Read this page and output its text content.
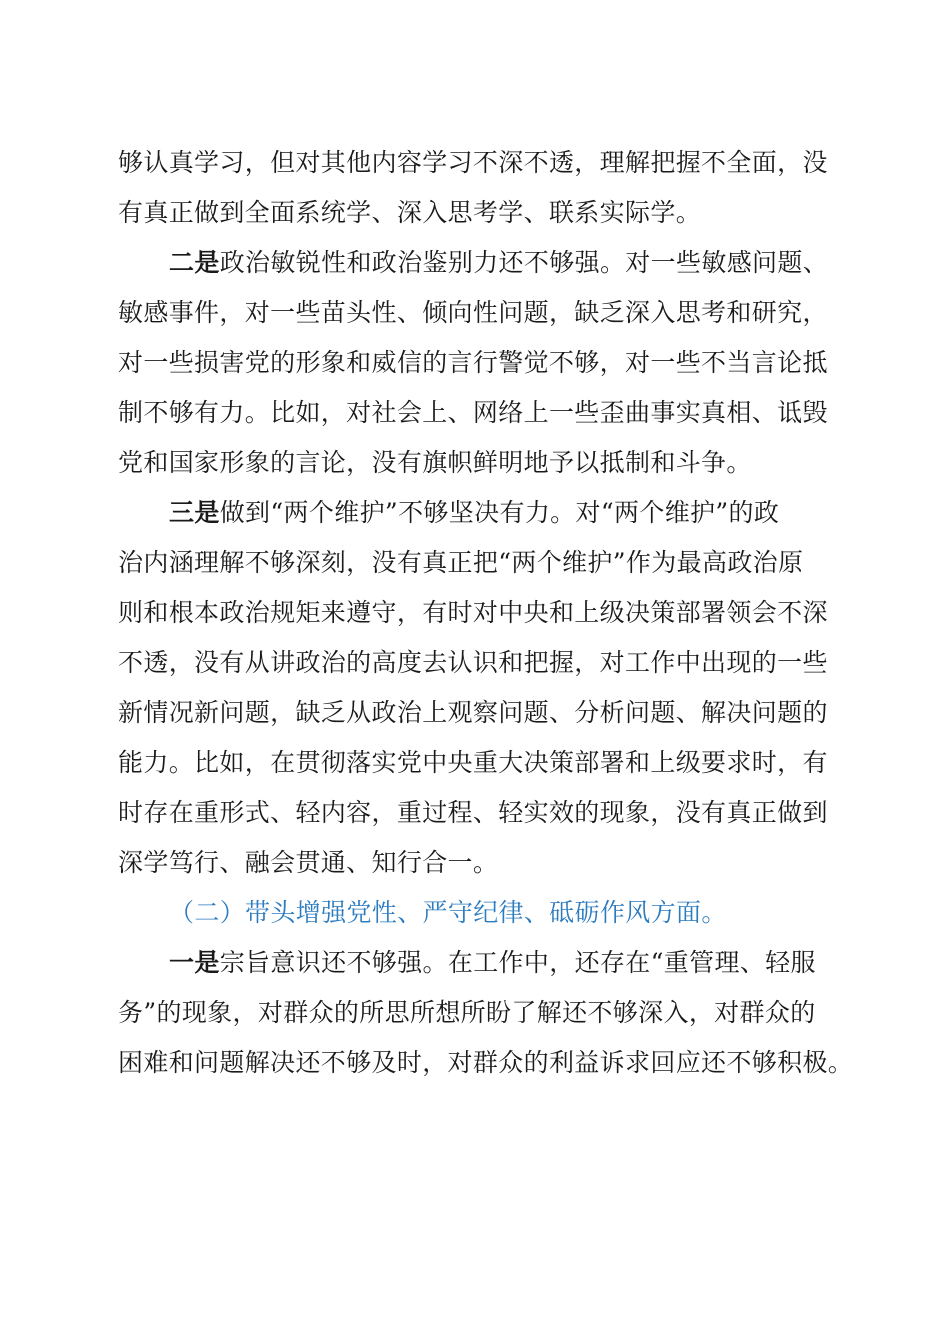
够认真学习，但对其他内容学习不深不透，理解把握不全面，没
有真正做到全面系统学、深入思考学、联系实际学。
二是政治敏锐性和政治鉴别力还不够强。对一些敏感问题、
敏感事件，对一些苗头性、倾向性问题，缺乏深入思考和研究，
对一些损害党的形象和威信的言行警觉不够，对一些不当言论抵
制不够有力。比如，对社会上、网络上一些歪曲事实真相、诋毁
党和国家形象的言论，没有旗帜鲜明地予以抵制和斗争。
三是做到“两个维护”不够坚决有力。对“两个维护”的政
治内涵理解不够深刻，没有真正把“两个维护”作为最高政治原
则和根本政治规矩来遵守，有时对中央和上级决策部署领会不深
不透，没有从讲政治的高度去认识和把握，对工作中出现的一些
新情况新问题，缺乏从政治上观察问题、分析问题、解决问题的
能力。比如，在贯彻落实党中央重大决策部署和上级要求时，有
时存在重形式、轻内容，重过程、轻实效的现象，没有真正做到
深学笃行、融会贯通、知行合一。
（二）带头增强党性、严守纪律、砥砺作风方面。
一是宗旨意识还不够强。在工作中，还存在“重管理、轻服
务”的现象，对群众的所思所想所盼了解还不够深入，对群众的
困难和问题解决还不够及时，对群众的利益诉求回应还不够积极。
